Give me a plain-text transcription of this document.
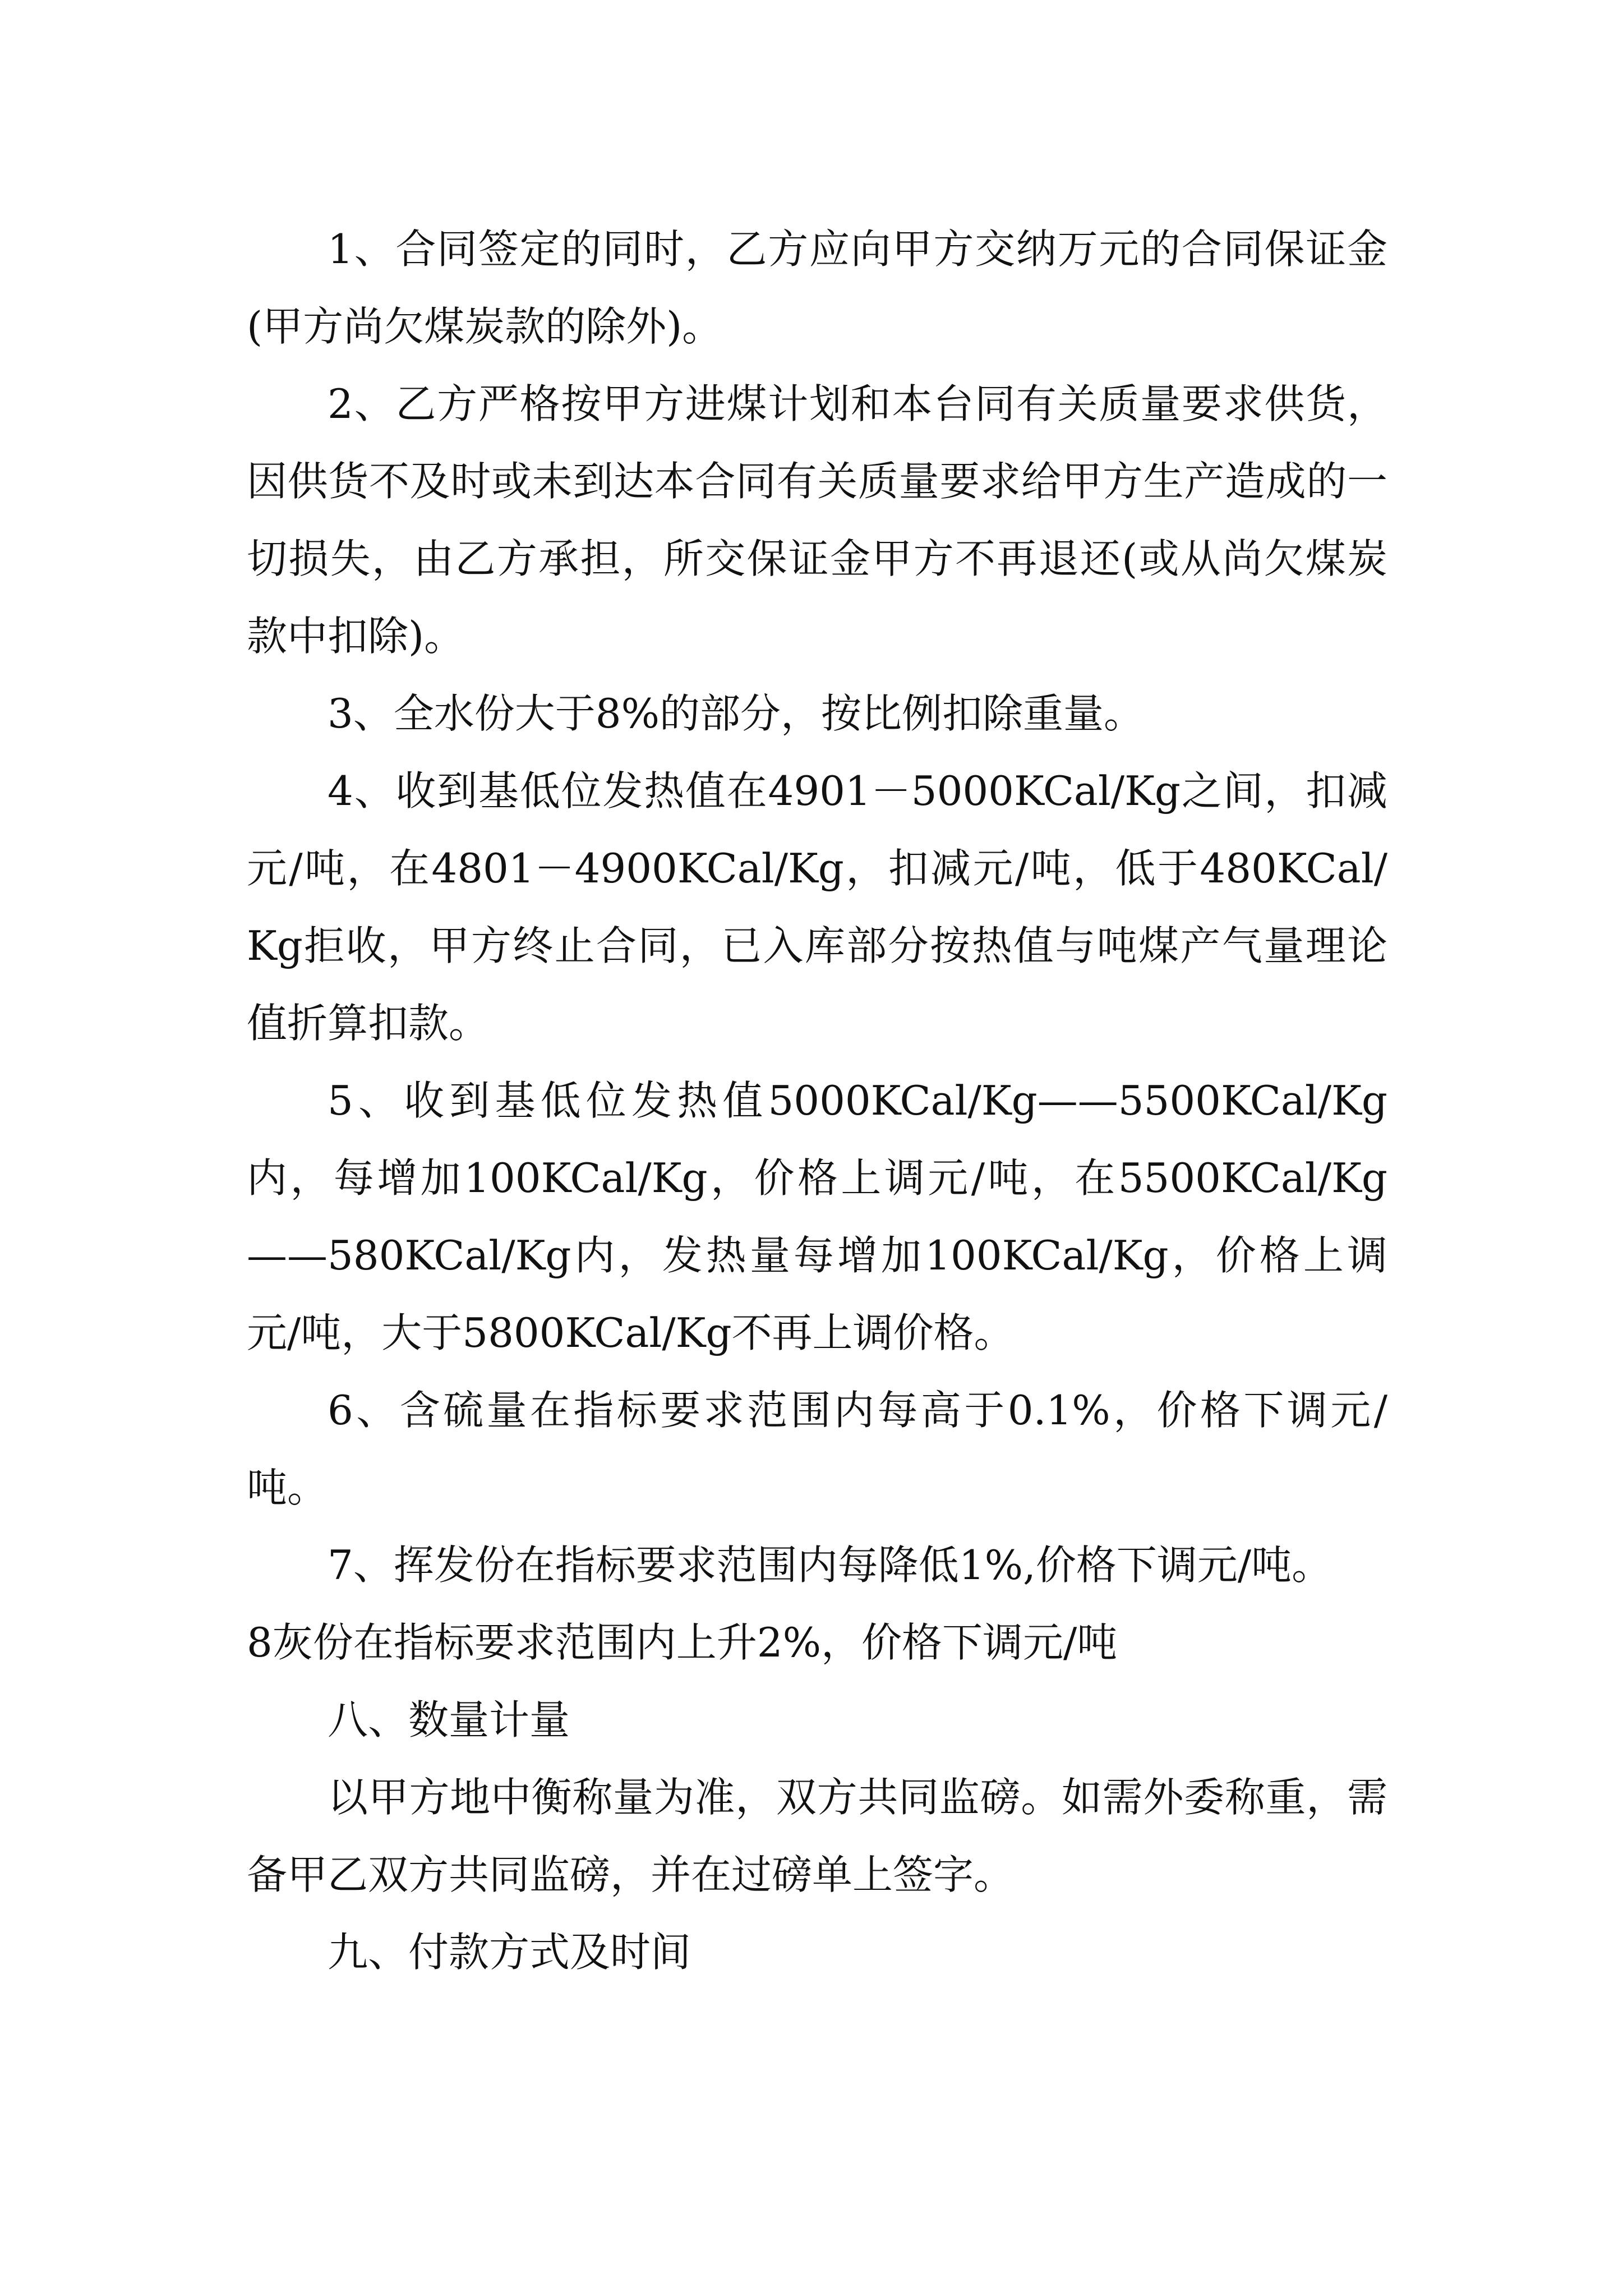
1、合同签定的同时，乙方应向甲方交纳万元的合同保证金(甲方尚欠煤炭款的除外)。

2、乙方严格按甲方进煤计划和本台同有关质量要求供货，因供货不及时或未到达本合同有关质量要求给甲方生产造成的一切损失，由乙方承担，所交保证金甲方不再退还(或从尚欠煤炭款中扣除)。

3、全水份大于8%的部分，按比例扣除重量。

4、收到基低位发热值在4901－5000KCal/Kg之间，扣减元/吨，在4801－4900KCal/Kg，扣减元/吨，低于480KCal/Kg拒收，甲方终止合同，已入库部分按热值与吨煤产气量理论值折算扣款。

5、收到基低位发热值5000KCal/Kg——5500KCal/Kg内，每增加100KCal/Kg，价格上调元/吨，在5500KCal/Kg——580KCal/Kg内，发热量每增加100KCal/Kg，价格上调元/吨，大于5800KCal/Kg不再上调价格。

6、含硫量在指标要求范围内每高于0.1%，价格下调元/吨。

7、挥发份在指标要求范围内每降低1%,价格下调元/吨。

8灰份在指标要求范围内上升2%，价格下调元/吨

八、数量计量

以甲方地中衡称量为准，双方共同监磅。如需外委称重，需备甲乙双方共同监磅，并在过磅单上签字。

九、付款方式及时间
